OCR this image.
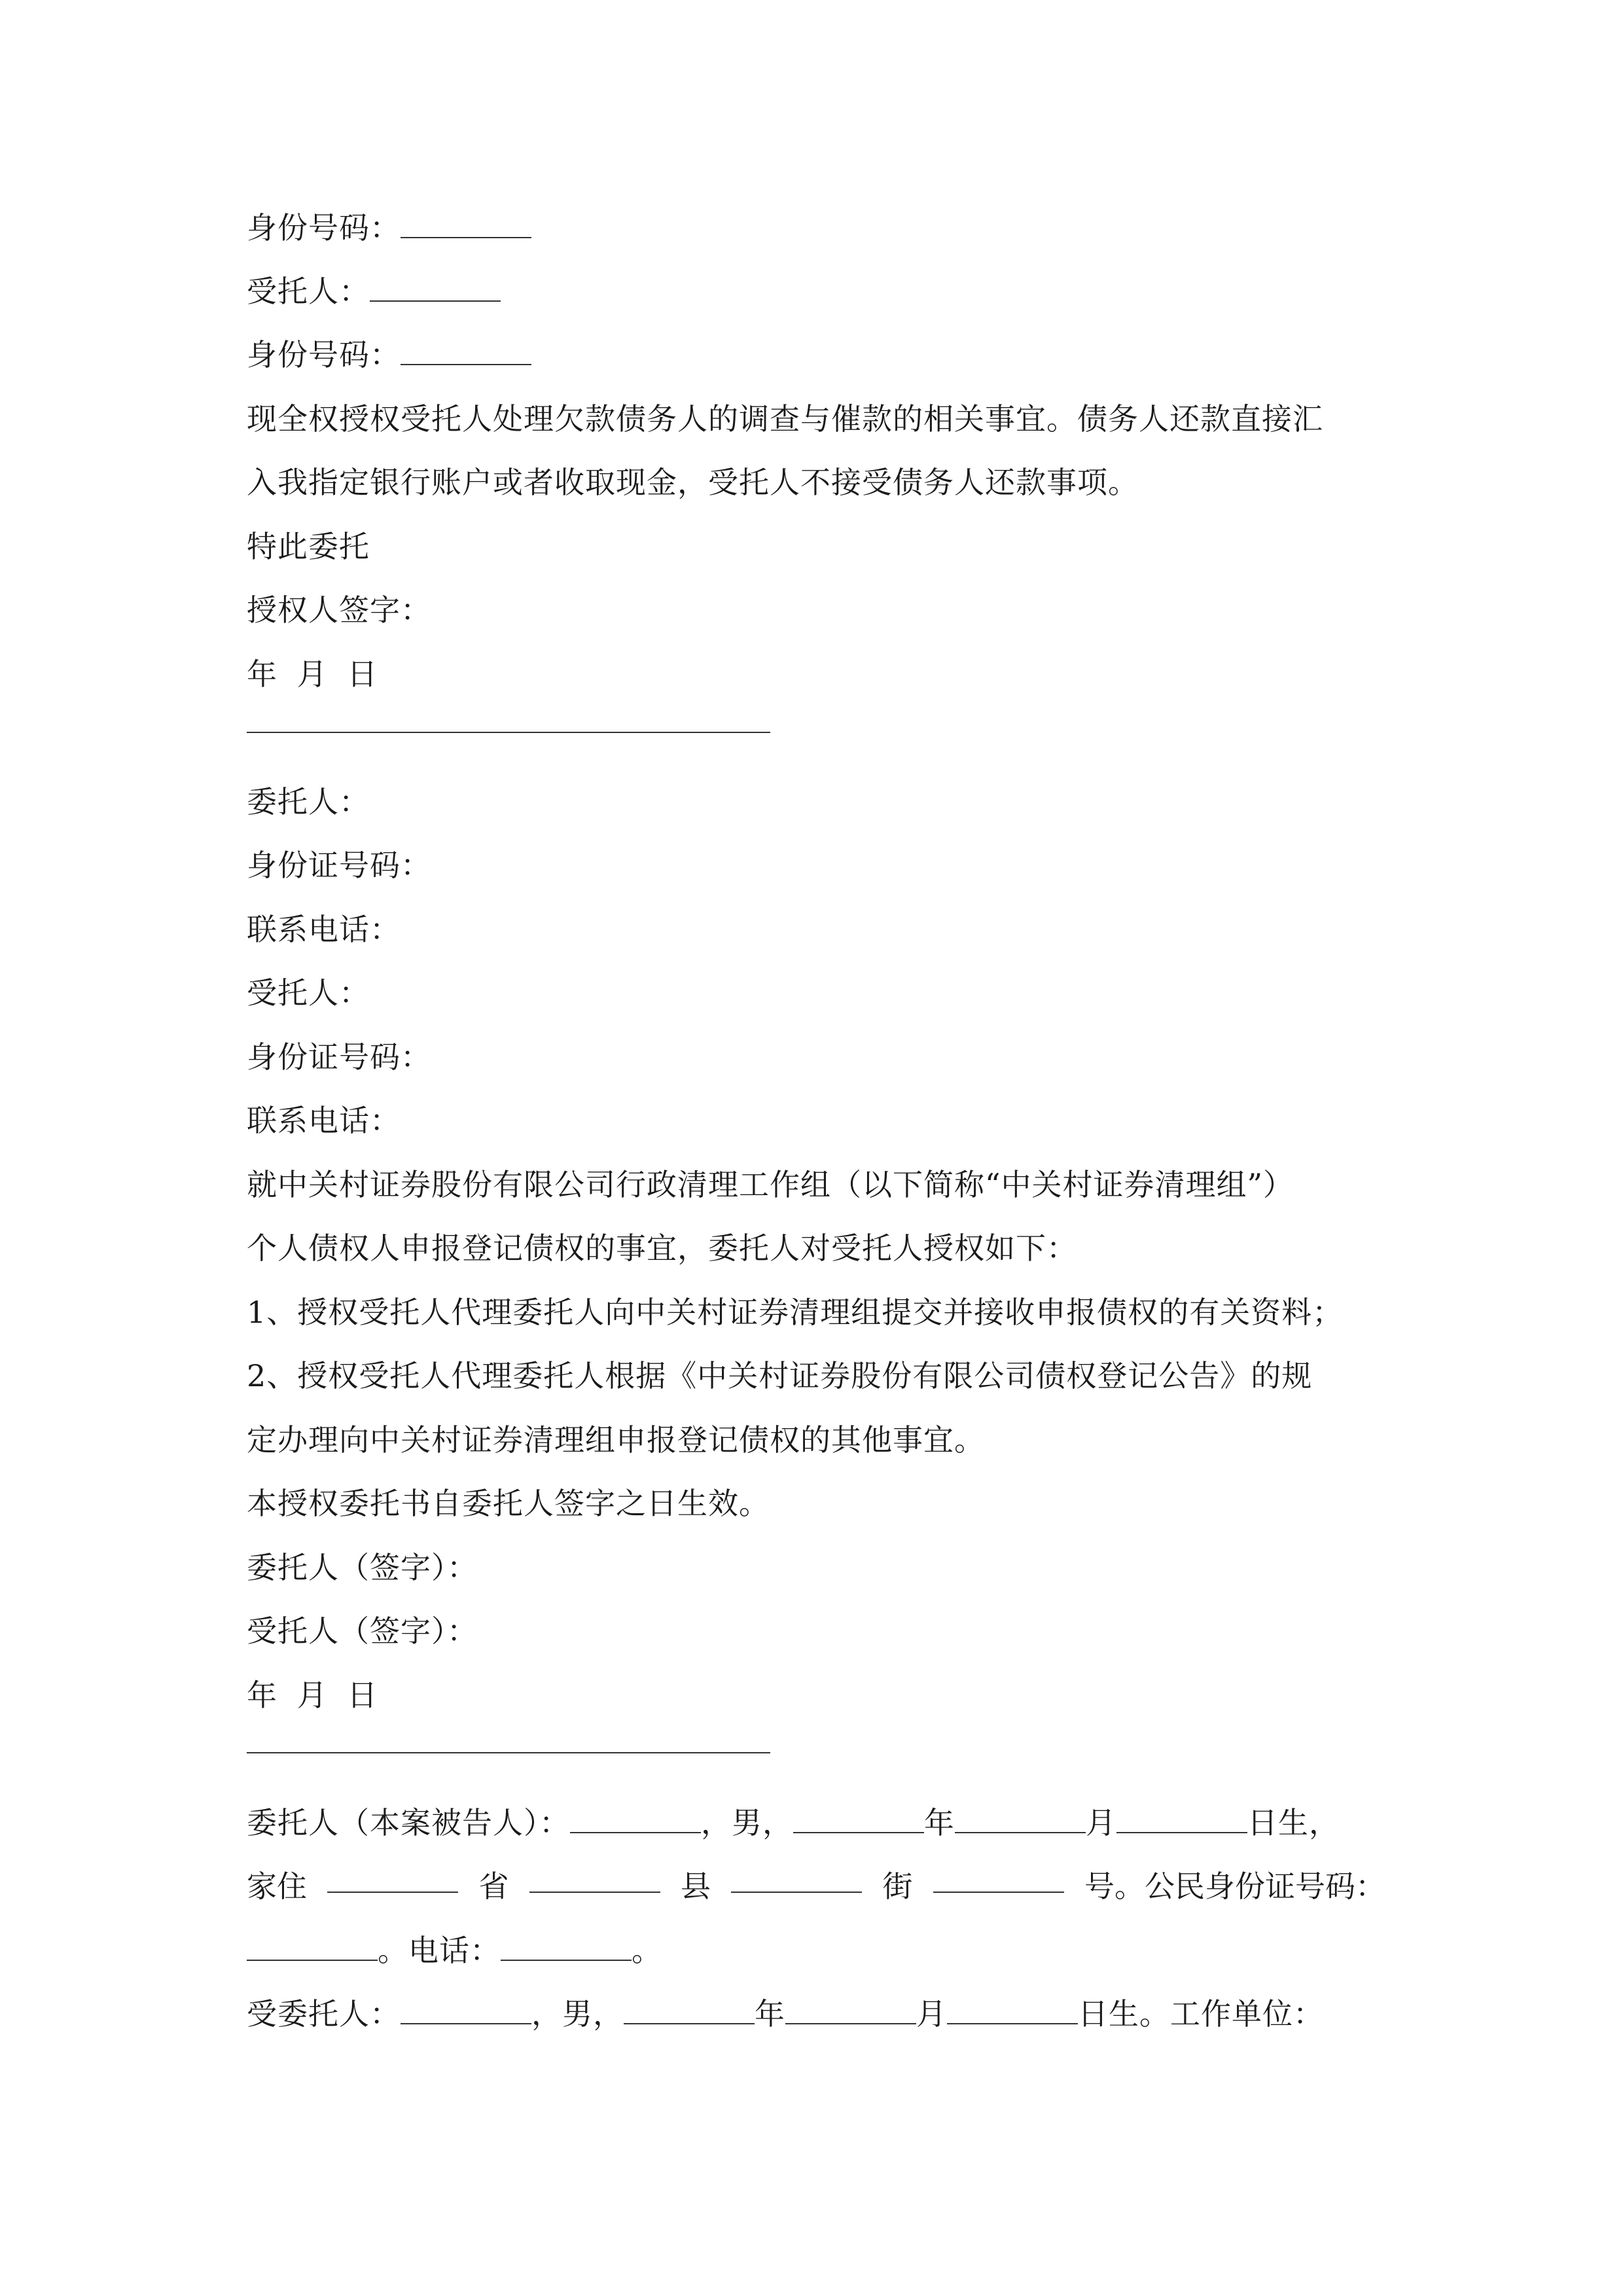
身份号码：
受托人：
身份号码：
现全权授权受托人处理欠款债务人的调查与催款的相关事宜。债务人还款直接汇
入我指定银行账户或者收取现金，受托人不接受债务人还款事项。
特此委托
授权人签字：
年 月 日
委托人：
身份证号码：
联系电话：
受托人：
身份证号码：
联系电话：
就中关村证券股份有限公司行政清理工作组（以下简称“中关村证券清理组”）
个人债权人申报登记债权的事宜，委托人对受托人授权如下：
1、授权受托人代理委托人向中关村证券清理组提交并接收申报债权的有关资料；
2、授权受托人代理委托人根据《中关村证券股份有限公司债权登记公告》的规
定办理向中关村证券清理组申报登记债权的其他事宜。
本授权委托书自委托人签字之日生效。
委托人（签字）：
受托人（签字）：
年 月 日
委托人（本案被告人）：	，男，	年	月	日生，
家住	省	县	街	号。公民身份证号码：
。电话：	。
受委托人：	，男，	年	月	日生。工作单位：
